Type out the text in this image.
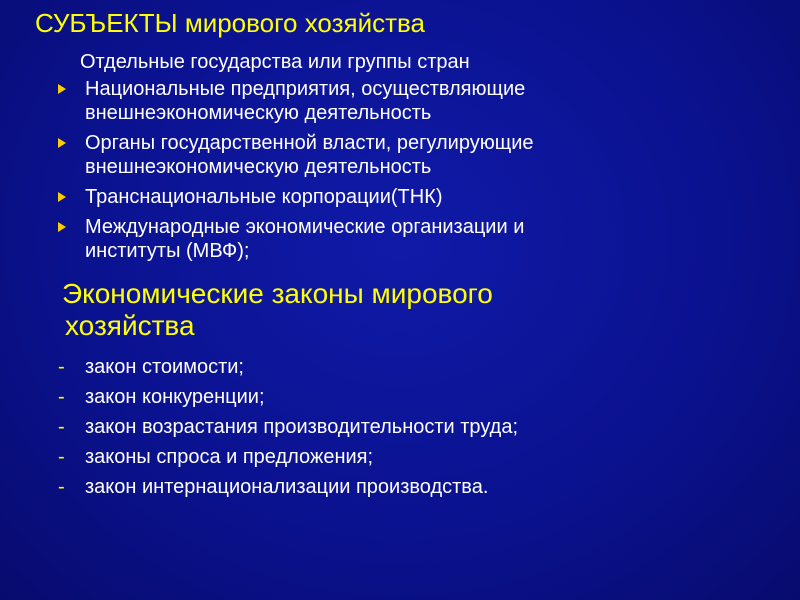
СУБЪЕКТЫ мирового хозяйства
Отдельные государства или группы стран
Национальные предприятия, осуществляющие
внешнеэкономическую деятельность
Органы государственной власти, регулирующие
внешнеэкономическую деятельность
Транснациональные корпорации(ТНК)
Международные экономические организации и
институты (МВФ);
Экономические законы мирового
хозяйства
- закон стоимости;
- закон конкуренции;
- закон возрастания производительности труда;
- законы спроса и предложения;
- закон интернационализации производства.
